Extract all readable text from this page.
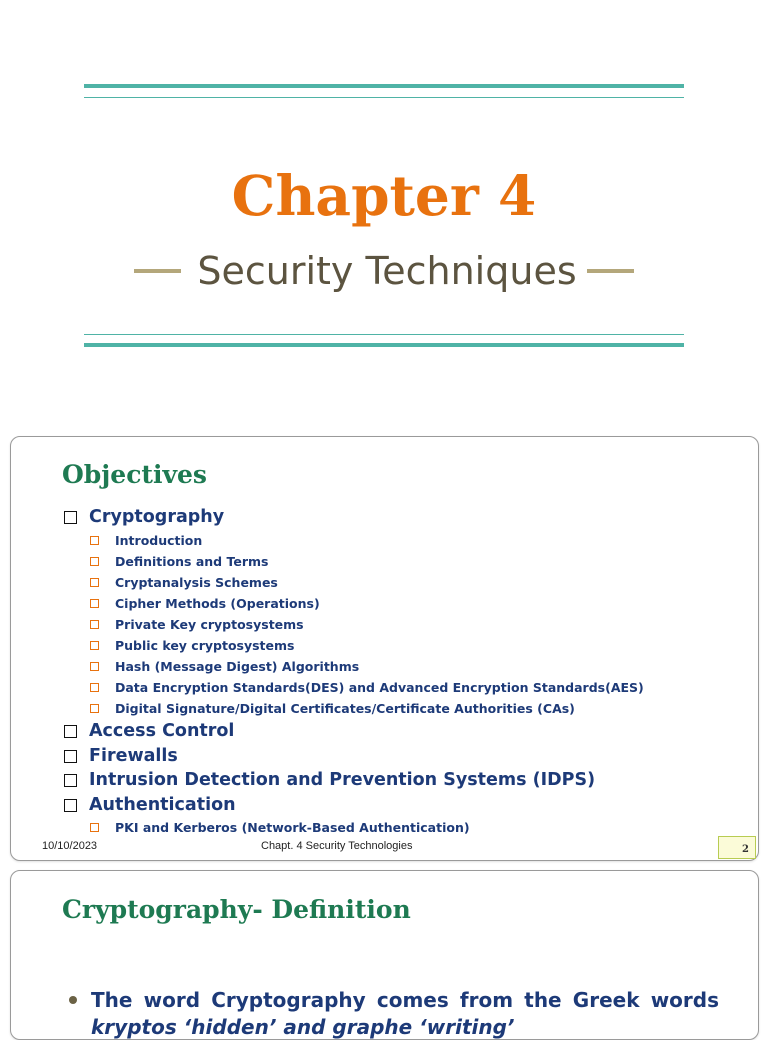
Chapter 4
Security Techniques
Objectives
Cryptography
Introduction
Definitions and Terms
Cryptanalysis Schemes
Cipher Methods (Operations)
Private Key cryptosystems
Public key cryptosystems
Hash (Message Digest) Algorithms
Data Encryption Standards(DES) and Advanced Encryption Standards(AES)
Digital Signature/Digital Certificates/Certificate Authorities (CAs)
Access Control
Firewalls
Intrusion Detection and Prevention Systems (IDPS)
Authentication
PKI and Kerberos (Network-Based Authentication)
10/10/2023	Chapt. 4 Security Technologies	2
Cryptography- Definition
The word Cryptography comes from the Greek words
kryptos ‘hidden’ and graphe ‘writing’
